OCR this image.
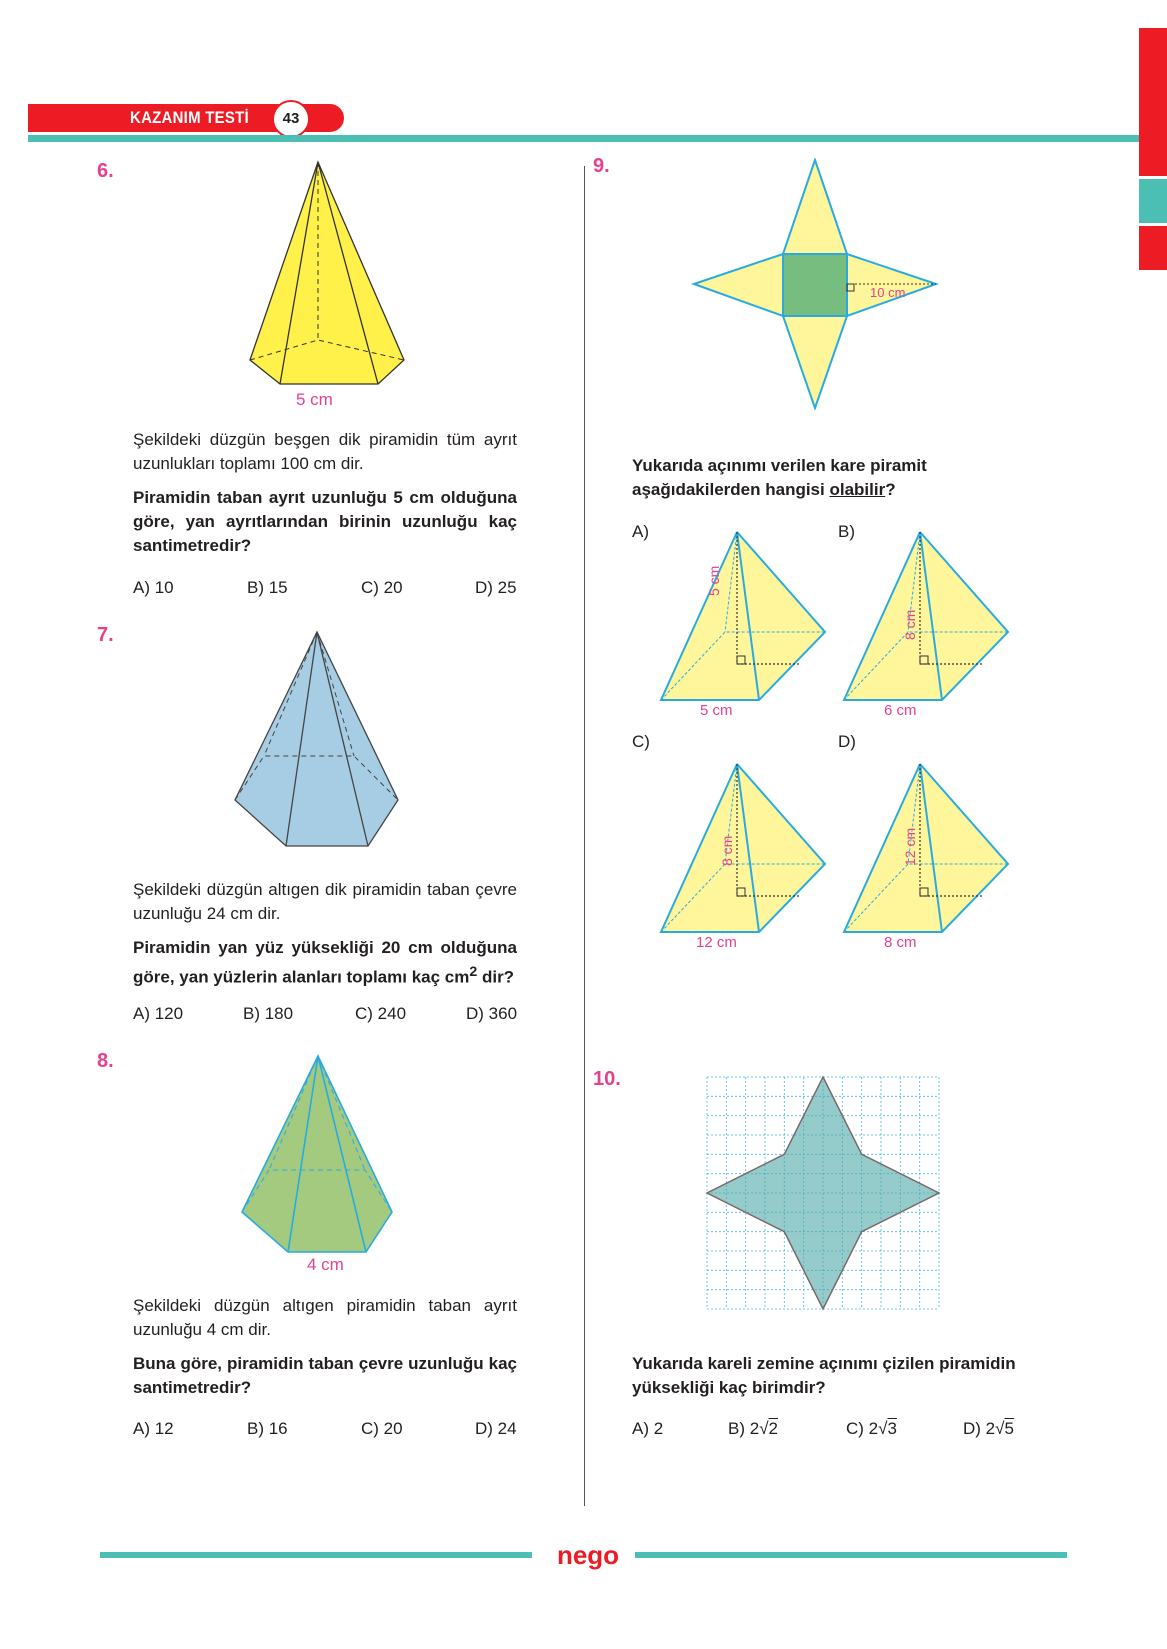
KAZANIM TESTİ	43
6.
5 cm
Şekildeki düzgün beşgen dik piramidin tüm ayrıt uzunlukları toplamı 100 cm dir.
Piramidin taban ayrıt uzunluğu 5 cm olduğuna göre, yan ayrıtlarından birinin uzunluğu kaç santimetredir?
A) 10	B) 15	C) 20	D) 25
7.
Şekildeki düzgün altıgen dik piramidin taban çevre uzunluğu 24 cm dir.
Piramidin yan yüz yüksekliği 20 cm olduğuna göre, yan yüzlerin alanları toplamı kaç $cm^2$ dir?
A) 120	B) 180	C) 240	D) 360
8.
4 cm
Şekildeki düzgün altıgen piramidin taban ayrıt uzunluğu 4 cm dir.
Buna göre, piramidin taban çevre uzunluğu kaç santimetredir?
A) 12	B) 16	C) 20	D) 24
9.
10 cm
Yukarıda açınımı verilen kare piramit aşağıdakilerden hangisi olabilir?
A)	B)
C)	D)
5 cm
5 cm
8 cm
6 cm
8 cm
12 cm
12 cm
8 cm
10.
Yukarıda kareli zemine açınımı çizilen piramidin yüksekliği kaç birimdir?
A) 2	B) 2√2	C) 2√3	D) 2√5
nego
